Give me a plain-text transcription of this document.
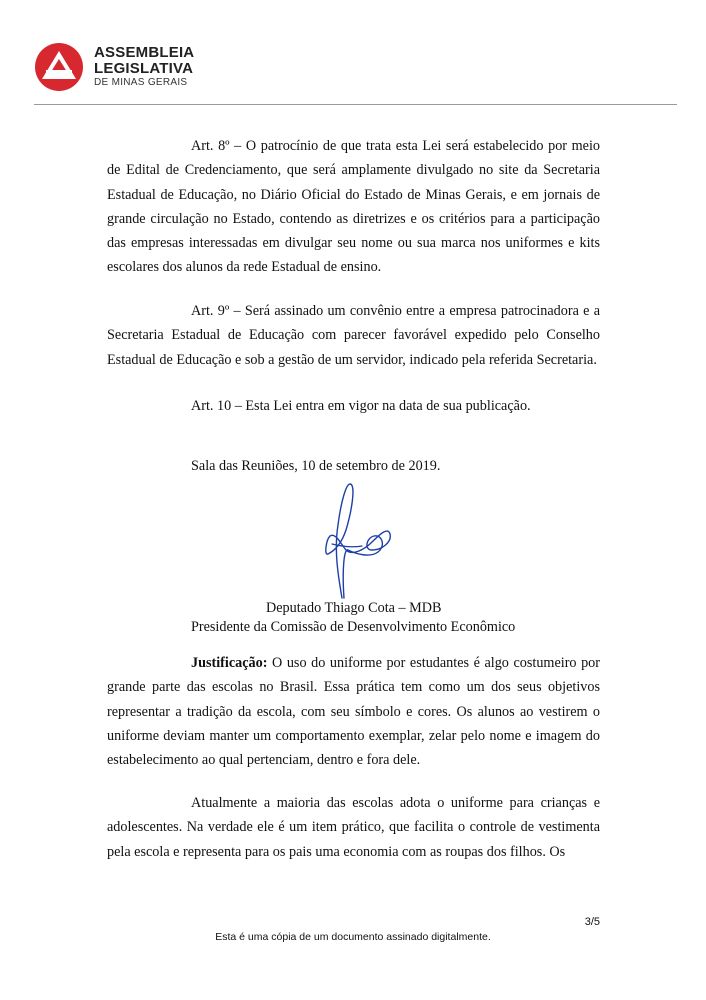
ASSEMBLEIA
LEGISLATIVA
DE MINAS GERAIS

Art. 8º – O patrocínio de que trata esta Lei será estabelecido por meio de Edital de Credenciamento, que será amplamente divulgado no site da Secretaria Estadual de Educação, no Diário Oficial do Estado de Minas Gerais, e em jornais de grande circulação no Estado, contendo as diretrizes e os critérios para a participação das empresas interessadas em divulgar seu nome ou sua marca nos uniformes e kits escolares dos alunos da rede Estadual de ensino.

Art. 9º – Será assinado um convênio entre a empresa patrocinadora e a Secretaria Estadual de Educação com parecer favorável expedido pelo Conselho Estadual de Educação e sob a gestão de um servidor, indicado pela referida Secretaria.

Art. 10 – Esta Lei entra em vigor na data de sua publicação.

Sala das Reuniões, 10 de setembro de 2019.

Deputado Thiago Cota – MDB
Presidente da Comissão de Desenvolvimento Econômico

Justificação: O uso do uniforme por estudantes é algo costumeiro por grande parte das escolas no Brasil. Essa prática tem como um dos seus objetivos representar a tradição da escola, com seu símbolo e cores. Os alunos ao vestirem o uniforme deviam manter um comportamento exemplar, zelar pelo nome e imagem do estabelecimento ao qual pertenciam, dentro e fora dele.

Atualmente a maioria das escolas adota o uniforme para crianças e adolescentes. Na verdade ele é um item prático, que facilita o controle de vestimenta pela escola e representa para os pais uma economia com as roupas dos filhos. Os

3/5
Esta é uma cópia de um documento assinado digitalmente.
